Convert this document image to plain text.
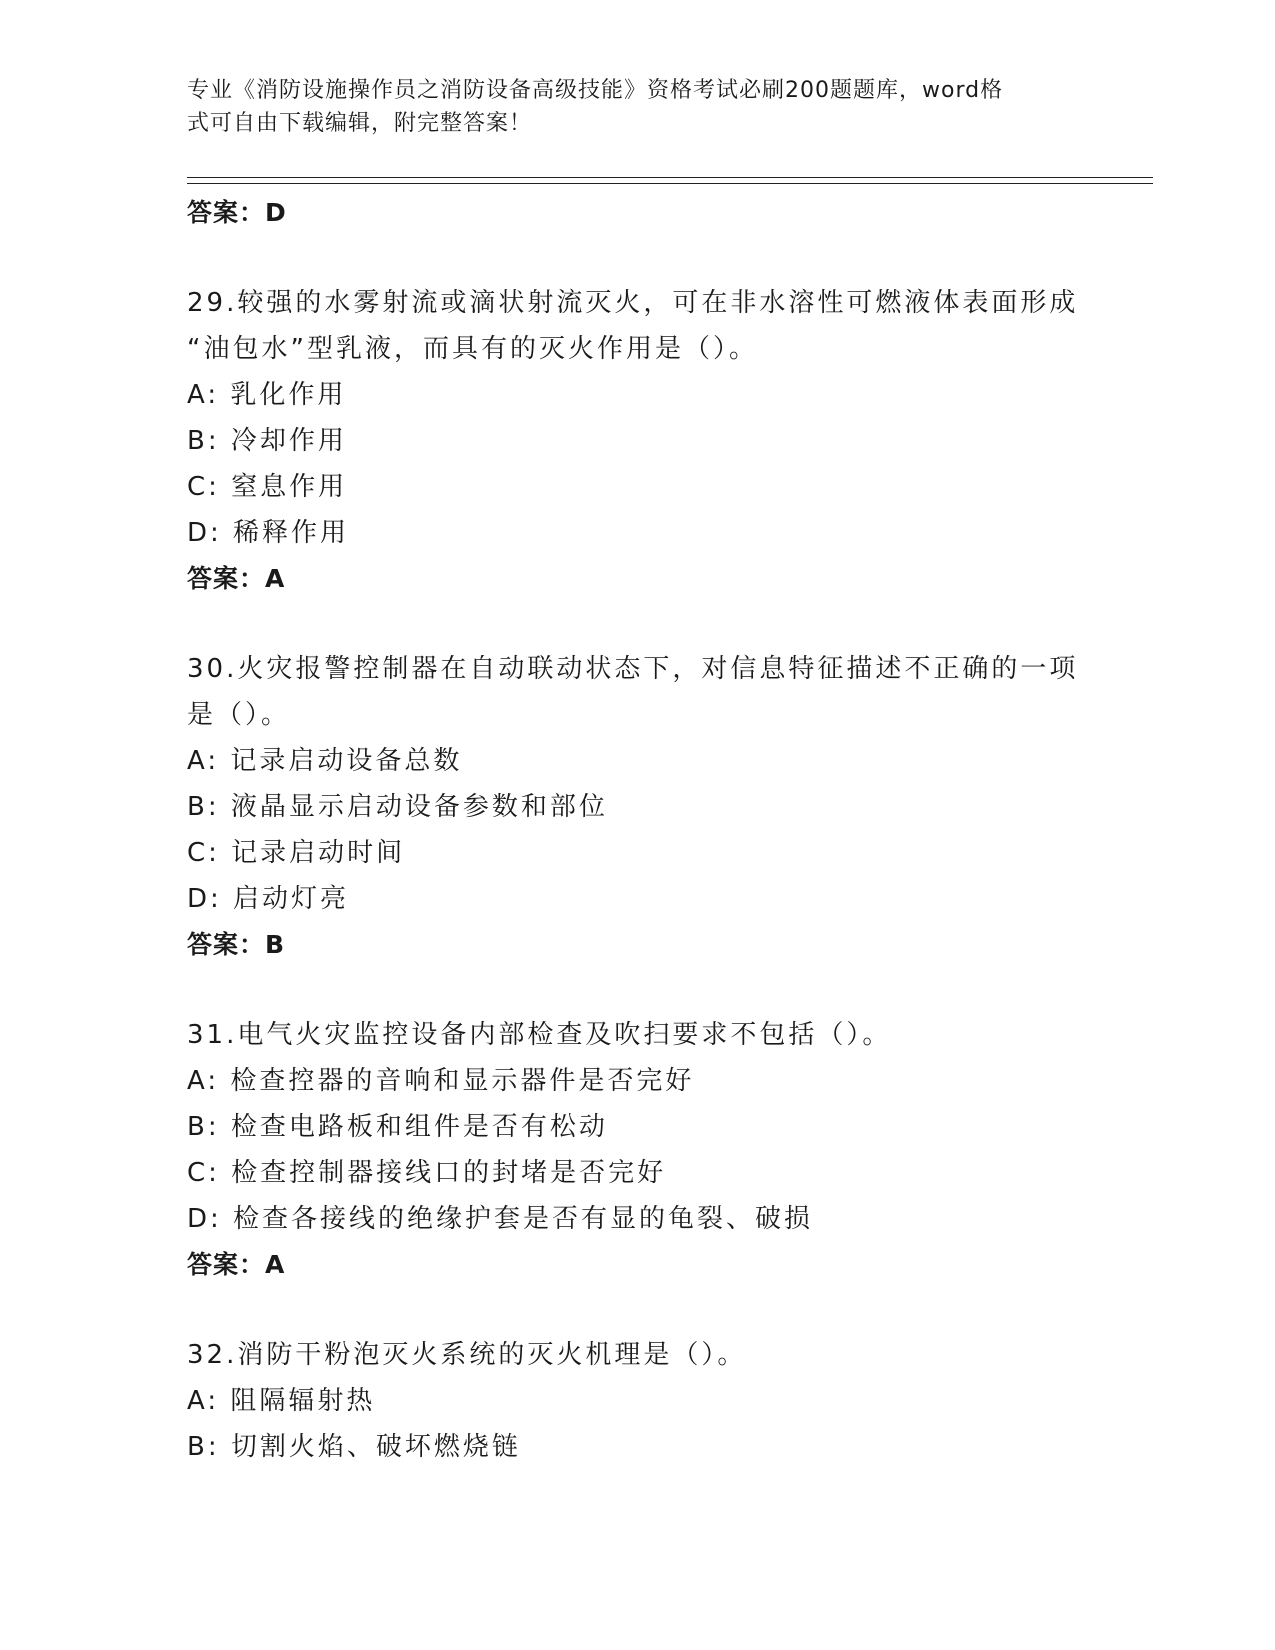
专业《消防设施操作员之消防设备高级技能》资格考试必刷200题题库，word格
式可自由下载编辑，附完整答案！
答案：D
29.较强的水雾射流或滴状射流灭火，可在非水溶性可燃液体表面形成
“油包水”型乳液，而具有的灭火作用是（）。
A: 乳化作用
B: 冷却作用
C: 窒息作用
D: 稀释作用
答案：A
30.火灾报警控制器在自动联动状态下，对信息特征描述不正确的一项
是（）。
A: 记录启动设备总数
B: 液晶显示启动设备参数和部位
C: 记录启动时间
D: 启动灯亮
答案：B
31.电气火灾监控设备内部检查及吹扫要求不包括（）。
A: 检查控器的音响和显示器件是否完好
B: 检查电路板和组件是否有松动
C: 检查控制器接线口的封堵是否完好
D: 检查各接线的绝缘护套是否有显的龟裂、破损
答案：A
32.消防干粉泡灭火系统的灭火机理是（）。
A: 阻隔辐射热
B: 切割火焰、破坏燃烧链
